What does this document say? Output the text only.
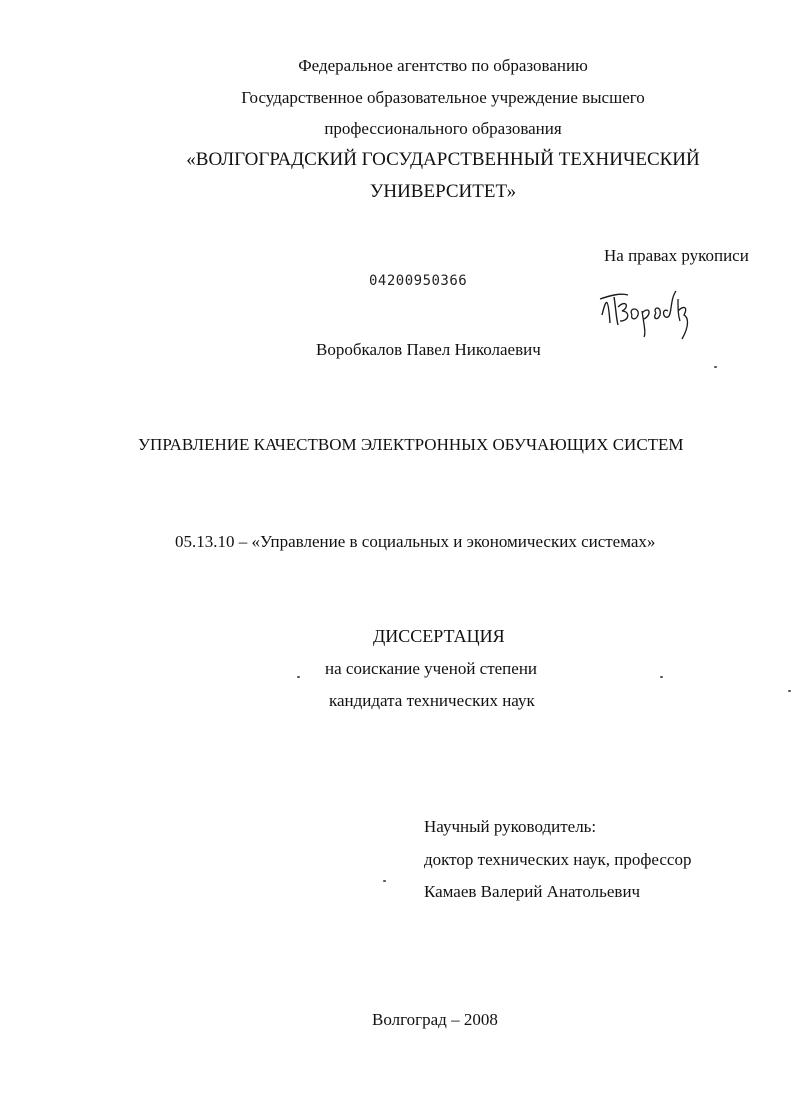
Федеральное агентство по образованию
Государственное образовательное учреждение высшего
профессионального образования
«ВОЛГОГРАДСКИЙ ГОСУДАРСТВЕННЫЙ ТЕХНИЧЕСКИЙ
УНИВЕРСИТЕТ»
На правах рукописи
04200950366
Воробкалов Павел Николаевич
УПРАВЛЕНИЕ КАЧЕСТВОМ ЭЛЕКТРОННЫХ ОБУЧАЮЩИХ СИСТЕМ
05.13.10 – «Управление в социальных и экономических системах»
ДИССЕРТАЦИЯ
на соискание ученой степени
кандидата технических наук
Научный руководитель:
доктор технических наук, профессор
Камаев Валерий Анатольевич
Волгоград – 2008
